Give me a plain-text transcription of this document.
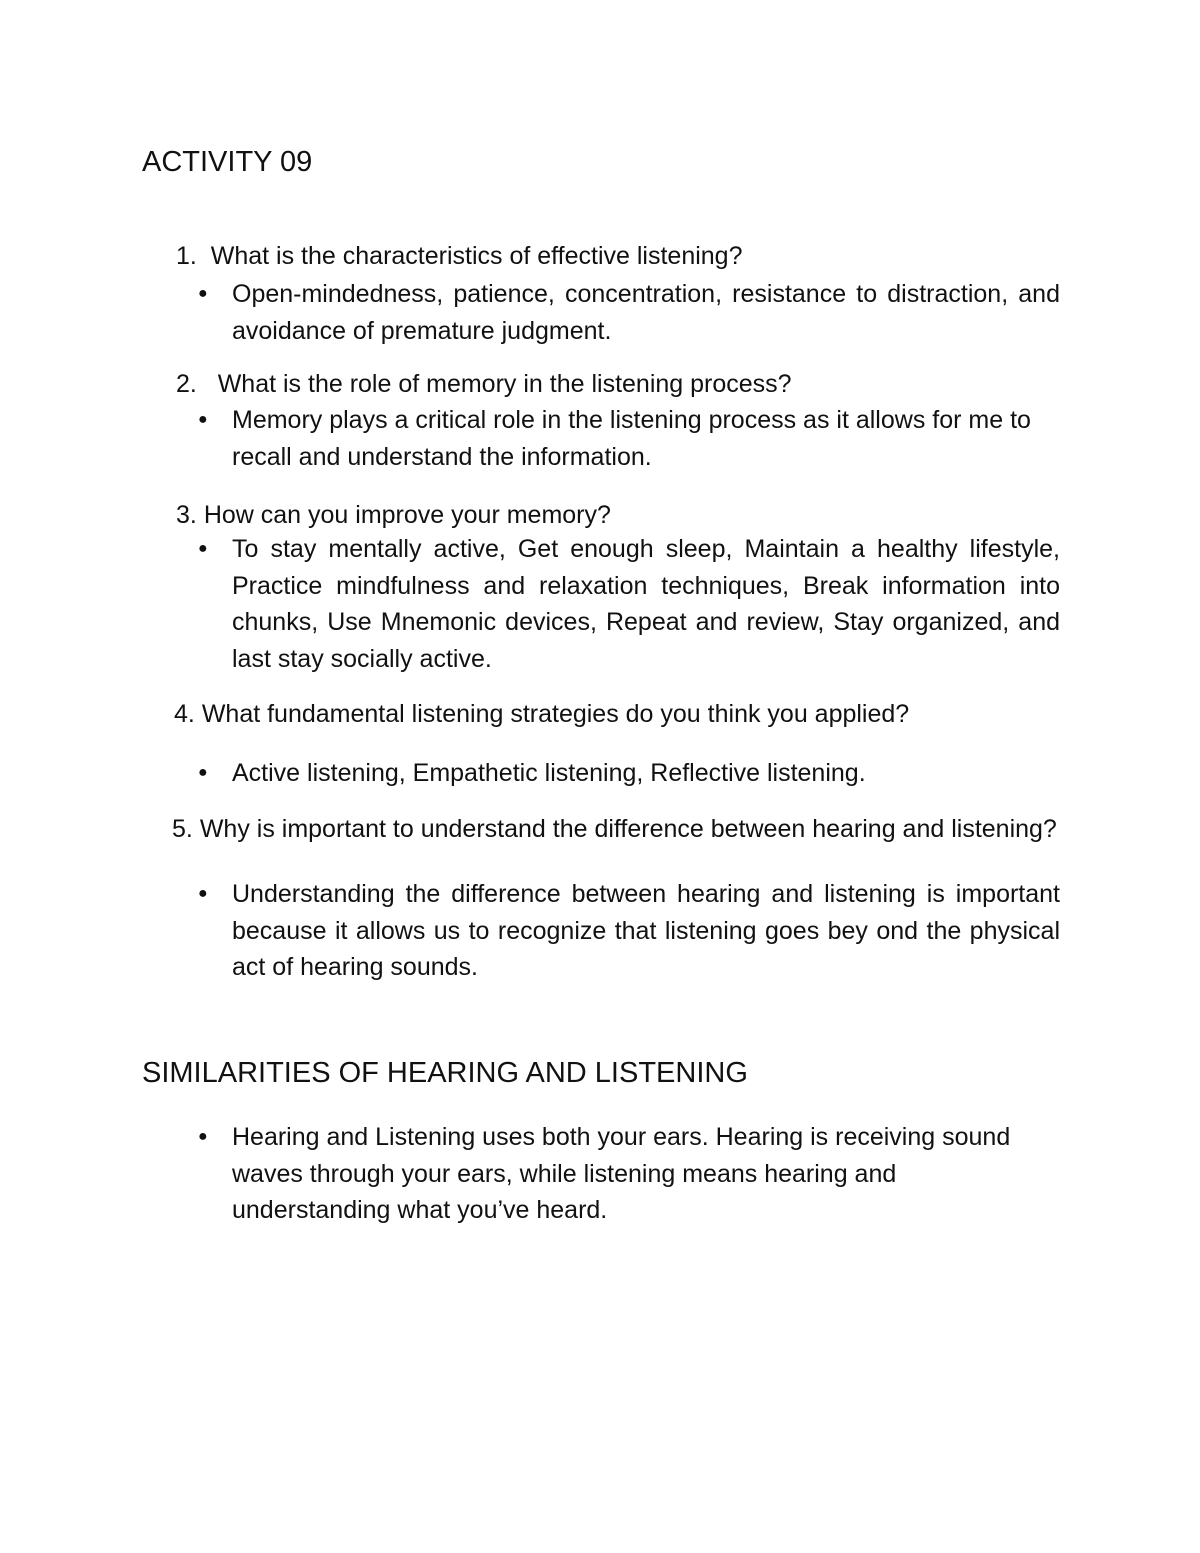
ACTIVITY 09

1. What is the characteristics of effective listening?

● Open-mindedness, patience, concentration, resistance to distraction, and avoidance of premature judgment.

2. What is the role of memory in the listening process?

● Memory plays a critical role in the listening process as it allows for me to recall and understand the information.

3. How can you improve your memory?

● To stay mentally active, Get enough sleep, Maintain a healthy lifestyle, Practice mindfulness and relaxation techniques, Break information into chunks, Use Mnemonic devices, Repeat and review, Stay organized, and last stay socially active.

4. What fundamental listening strategies do you think you applied?

● Active listening, Empathetic listening, Reflective listening.

5. Why is important to understand the difference between hearing and listening?

● Understanding the difference between hearing and listening is important because it allows us to recognize that listening goes bey ond the physical act of hearing sounds.
SIMILARITIES OF HEARING AND LISTENING
● Hearing and Listening uses both your ears. Hearing is receiving sound waves through your ears, while listening means hearing and understanding what you’ve heard.
